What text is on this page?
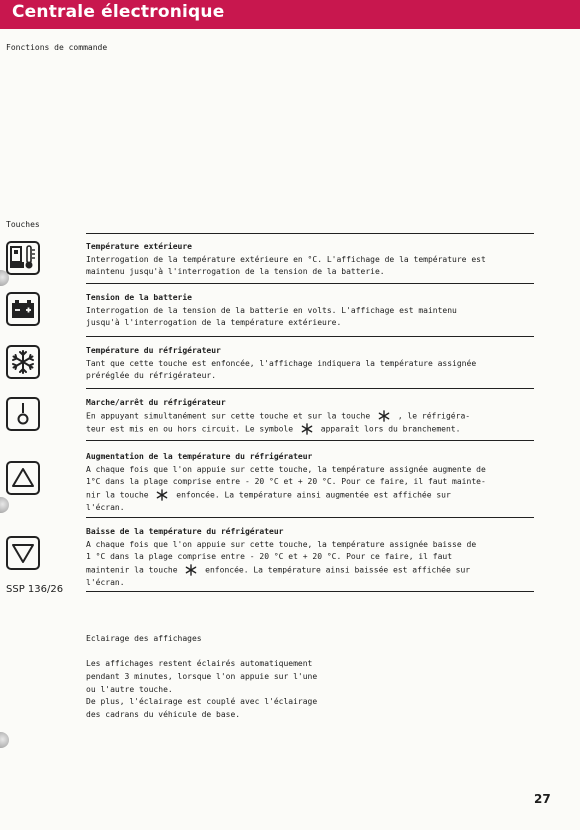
Centrale électronique
Fonctions de commande
Touches
Température extérieure
Interrogation de la température extérieure en °C. L'affichage de la température est
maintenu jusqu'à l'interrogation de la tension de la batterie.
Tension de la batterie
Interrogation de la tension de la batterie en volts. L'affichage est maintenu
jusqu'à l'interrogation de la température extérieure.
Température du réfrigérateur
Tant que cette touche est enfoncée, l'affichage indiquera la température assignée
préréglée du réfrigérateur.
Marche/arrêt du réfrigérateur
En appuyant simultanément sur cette touche et sur la touche	, le réfrigéra-
teur est mis en ou hors circuit. Le symbole	apparaît lors du branchement.
Augmentation de la température du réfrigérateur
A chaque fois que l'on appuie sur cette touche, la température assignée augmente de
1°C dans la plage comprise entre - 20 °C et + 20 °C. Pour ce faire, il faut mainte-
nir la touche	enfoncée. La température ainsi augmentée est affichée sur
l'écran.
Baisse de la température du réfrigérateur
A chaque fois que l'on appuie sur cette touche, la température assignée baisse de
1 °C dans la plage comprise entre - 20 °C et + 20 °C. Pour ce faire, il faut
maintenir la touche	enfoncée. La température ainsi baissée est affichée sur
l'écran.
SSP 136/26
Eclairage des affichages
Les affichages restent éclairés automatiquement
pendant 3 minutes, lorsque l'on appuie sur l'une
ou l'autre touche.
De plus, l'éclairage est couplé avec l'éclairage
des cadrans du véhicule de base.
27
